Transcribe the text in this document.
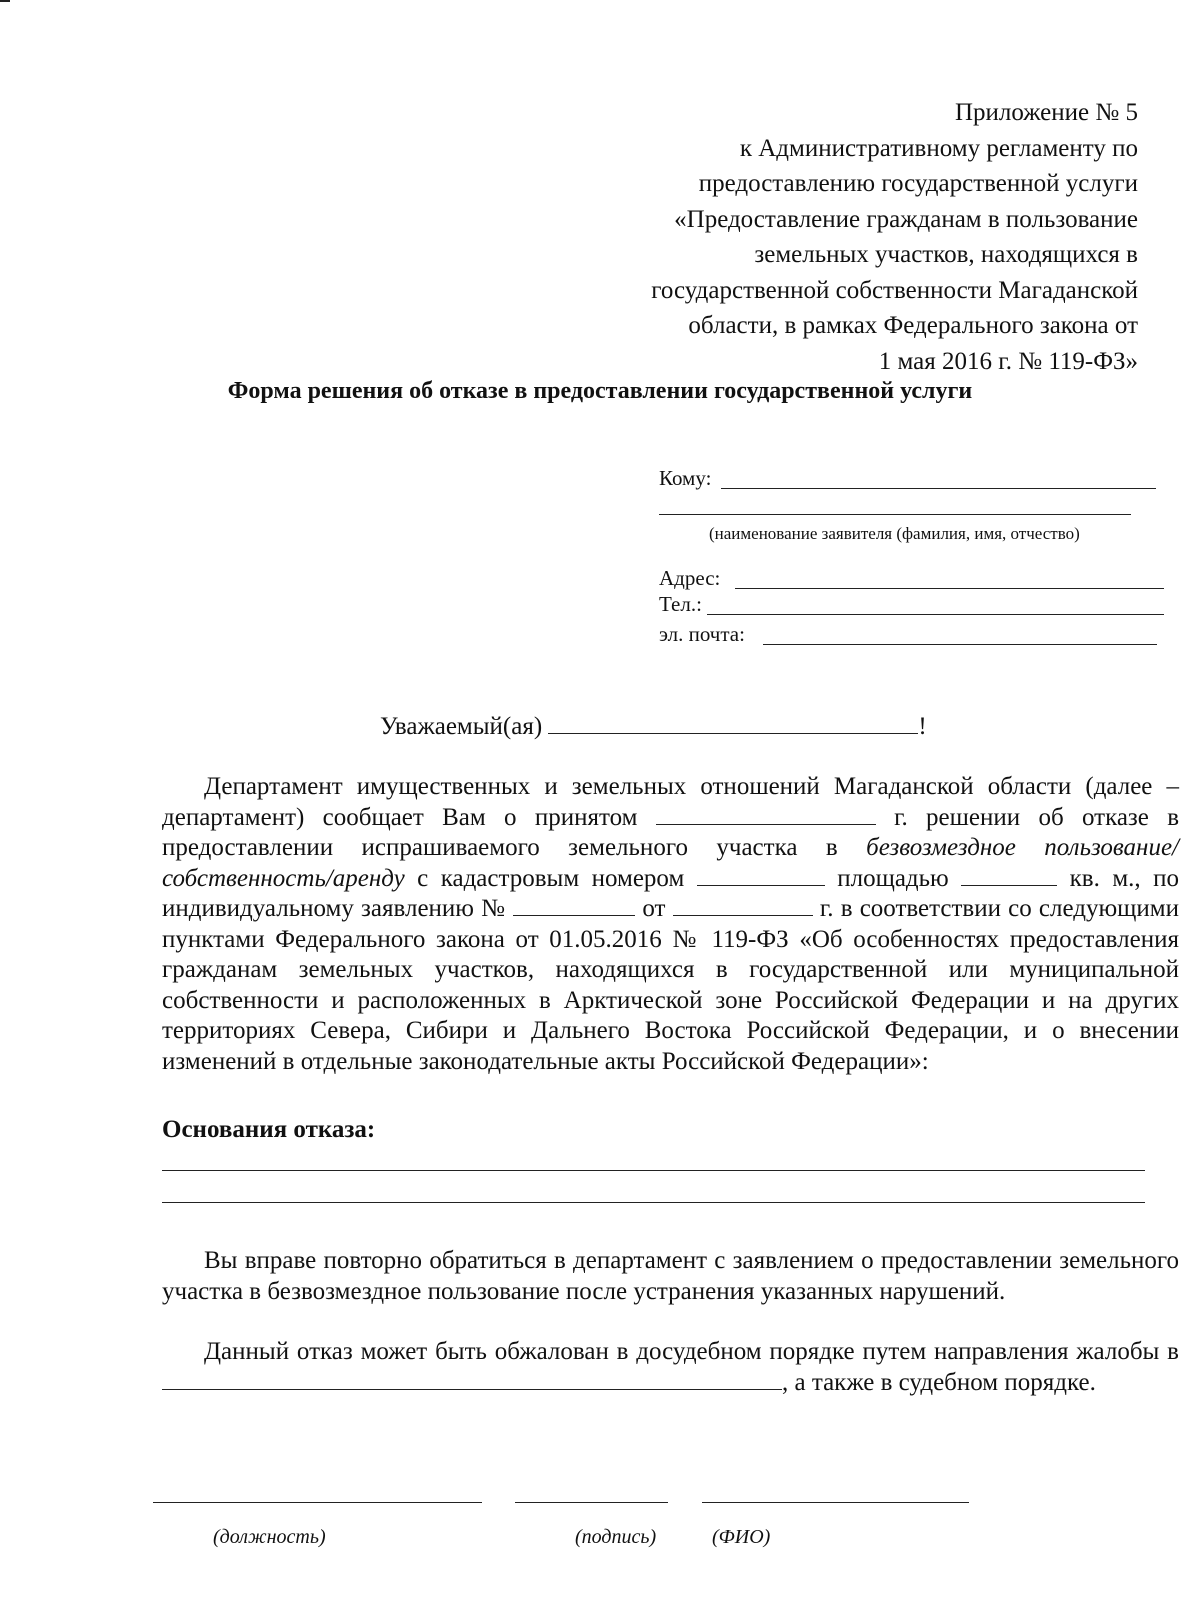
Приложение № 5
к Административному регламенту по
предоставлению государственной услуги
«Предоставление гражданам в пользование
земельных участков, находящихся в
государственной собственности Магаданской
области, в рамках Федерального закона от
1 мая 2016 г. № 119-ФЗ»
Форма решения об отказе в предоставлении государственной услуги
Кому:
(наименование заявителя (фамилия, имя, отчество)
Адрес:
Тел.:
эл. почта:
Уважаемый(ая)	!

Департамент имущественных и земельных отношений Магаданской области (далее – департамент) сообщает Вам о принятом	г. решении об отказе в предоставлении испрашиваемого земельного участка в безвозмездное пользование/собственность/аренду с кадастровым номером	площадью	кв. м., по индивидуальному заявлению №	от	г. в соответствии со следующими пунктами Федерального закона от 01.05.2016 № 119-ФЗ «Об особенностях предоставления гражданам земельных участков, находящихся в государственной или муниципальной собственности и расположенных в Арктической зоне Российской Федерации и на других территориях Севера, Сибири и Дальнего Востока Российской Федерации, и о внесении изменений в отдельные законодательные акты Российской Федерации»:

Основания отказа:

Вы вправе повторно обратиться в департамент с заявлением о предоставлении земельного участка в безвозмездное пользование после устранения указанных нарушений.

Данный отказ может быть обжалован в досудебном порядке путем направления жалобы в , а также в судебном порядке.

(должность)	(подпись)	(ФИО)
